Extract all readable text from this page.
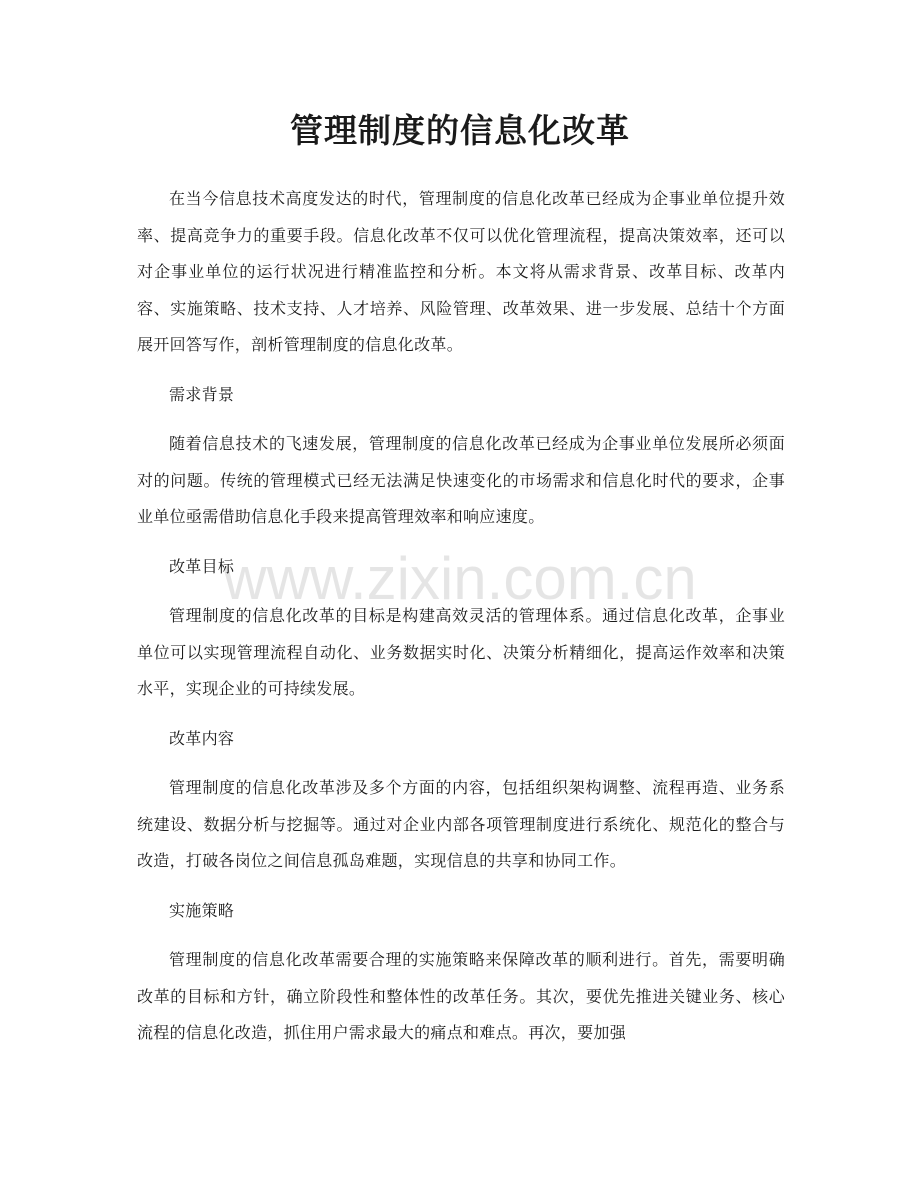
管理制度的信息化改革

在当今信息技术高度发达的时代，管理制度的信息化改革已经成为企事业单位提升效率、提高竞争力的重要手段。信息化改革不仅可以优化管理流程，提高决策效率，还可以对企事业单位的运行状况进行精准监控和分析。本文将从需求背景、改革目标、改革内容、实施策略、技术支持、人才培养、风险管理、改革效果、进一步发展、总结十个方面展开回答写作，剖析管理制度的信息化改革。

需求背景

随着信息技术的飞速发展，管理制度的信息化改革已经成为企事业单位发展所必须面对的问题。传统的管理模式已经无法满足快速变化的市场需求和信息化时代的要求，企事业单位亟需借助信息化手段来提高管理效率和响应速度。

改革目标

管理制度的信息化改革的目标是构建高效灵活的管理体系。通过信息化改革，企事业单位可以实现管理流程自动化、业务数据实时化、决策分析精细化，提高运作效率和决策水平，实现企业的可持续发展。

改革内容

管理制度的信息化改革涉及多个方面的内容，包括组织架构调整、流程再造、业务系统建设、数据分析与挖掘等。通过对企业内部各项管理制度进行系统化、规范化的整合与改造，打破各岗位之间信息孤岛难题，实现信息的共享和协同工作。

实施策略

管理制度的信息化改革需要合理的实施策略来保障改革的顺利进行。首先，需要明确改革的目标和方针，确立阶段性和整体性的改革任务。其次，要优先推进关键业务、核心流程的信息化改造，抓住用户需求最大的痛点和难点。再次，要加强

www.zixin.com.cn
